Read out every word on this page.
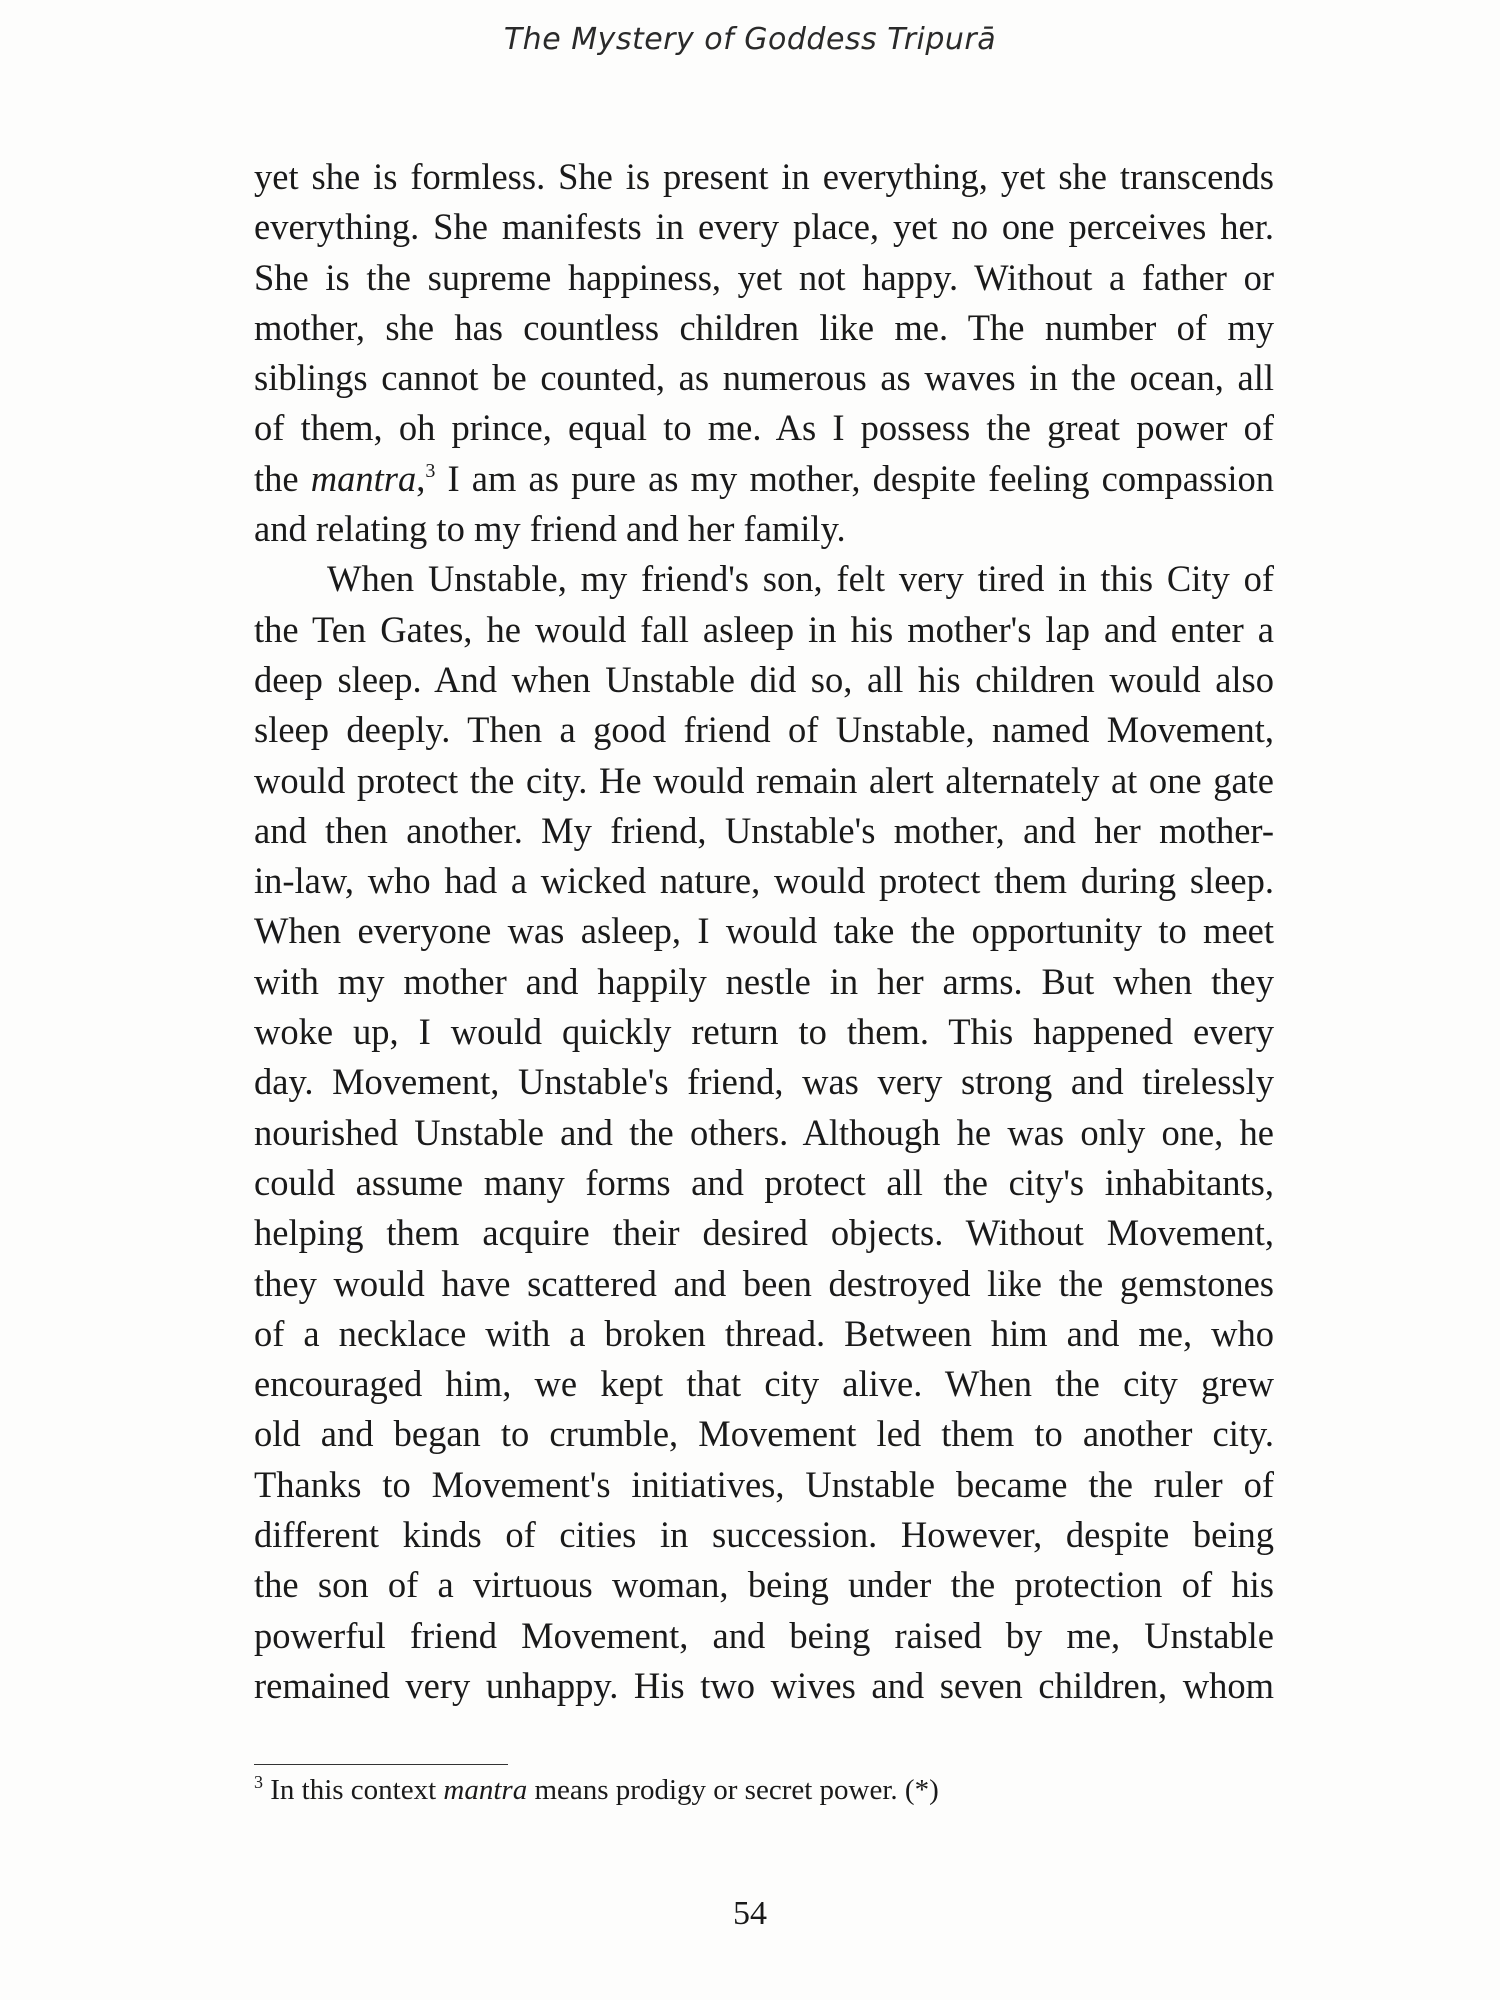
The Mystery of Goddess Tripurā
yet she is formless. She is present in everything, yet she transcends
everything. She manifests in every place, yet no one perceives her.
She is the supreme happiness, yet not happy. Without a father or
mother, she has countless children like me. The number of my
siblings cannot be counted, as numerous as waves in the ocean, all
of them, oh prince, equal to me. As I possess the great power of
the mantra,$^3$ I am as pure as my mother, despite feeling compassion
and relating to my friend and her family.
When Unstable, my friend's son, felt very tired in this City of
the Ten Gates, he would fall asleep in his mother's lap and enter a
deep sleep. And when Unstable did so, all his children would also
sleep deeply. Then a good friend of Unstable, named Movement,
would protect the city. He would remain alert alternately at one gate
and then another. My friend, Unstable's mother, and her mother-
in-law, who had a wicked nature, would protect them during sleep.
When everyone was asleep, I would take the opportunity to meet
with my mother and happily nestle in her arms. But when they
woke up, I would quickly return to them. This happened every
day. Movement, Unstable's friend, was very strong and tirelessly
nourished Unstable and the others. Although he was only one, he
could assume many forms and protect all the city's inhabitants,
helping them acquire their desired objects. Without Movement,
they would have scattered and been destroyed like the gemstones
of a necklace with a broken thread. Between him and me, who
encouraged him, we kept that city alive. When the city grew
old and began to crumble, Movement led them to another city.
Thanks to Movement's initiatives, Unstable became the ruler of
different kinds of cities in succession. However, despite being
the son of a virtuous woman, being under the protection of his
powerful friend Movement, and being raised by me, Unstable
remained very unhappy. His two wives and seven children, whom
$^3$ In this context mantra means prodigy or secret power. (*)
54
